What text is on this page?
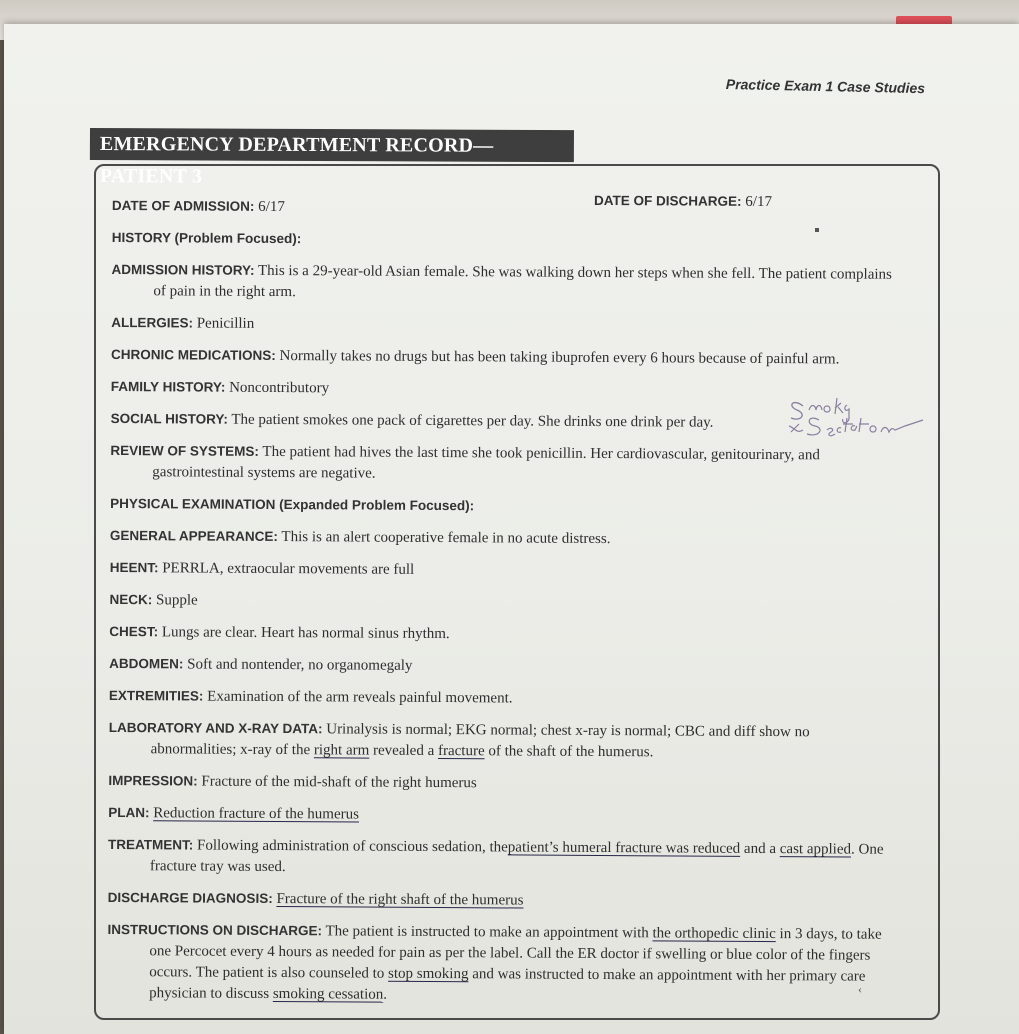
Practice Exam 1 Case Studies
EMERGENCY DEPARTMENT RECORD—PATIENT 3
DATE OF ADMISSION: 6/17	DATE OF DISCHARGE: 6/17
HISTORY (Problem Focused):
ADMISSION HISTORY: This is a 29-year-old Asian female. She was walking down her steps when she fell. The patient complains of pain in the right arm.
ALLERGIES: Penicillin
CHRONIC MEDICATIONS: Normally takes no drugs but has been taking ibuprofen every 6 hours because of painful arm.
FAMILY HISTORY: Noncontributory
SOCIAL HISTORY: The patient smokes one pack of cigarettes per day. She drinks one drink per day.
REVIEW OF SYSTEMS: The patient had hives the last time she took penicillin. Her cardiovascular, genitourinary, and gastrointestinal systems are negative.
PHYSICAL EXAMINATION (Expanded Problem Focused):
GENERAL APPEARANCE: This is an alert cooperative female in no acute distress.
HEENT: PERRLA, extraocular movements are full
NECK: Supple
CHEST: Lungs are clear. Heart has normal sinus rhythm.
ABDOMEN: Soft and nontender, no organomegaly
EXTREMITIES: Examination of the arm reveals painful movement.
LABORATORY AND X-RAY DATA: Urinalysis is normal; EKG normal; chest x-ray is normal; CBC and diff show no abnormalities; x-ray of the right arm revealed a fracture of the shaft of the humerus.
IMPRESSION: Fracture of the mid-shaft of the right humerus
PLAN: Reduction fracture of the humerus
TREATMENT: Following administration of conscious sedation, thepatient’s humeral fracture was reduced and a cast applied. One fracture tray was used.
DISCHARGE DIAGNOSIS: Fracture of the right shaft of the humerus
INSTRUCTIONS ON DISCHARGE: The patient is instructed to make an appointment with the orthopedic clinic in 3 days, to take one Percocet every 4 hours as needed for pain as per the label. Call the ER doctor if swelling or blue color of the fingers occurs. The patient is also counseled to stop smoking and was instructed to make an appointment with her primary care physician to discuss smoking cessation.	‹
